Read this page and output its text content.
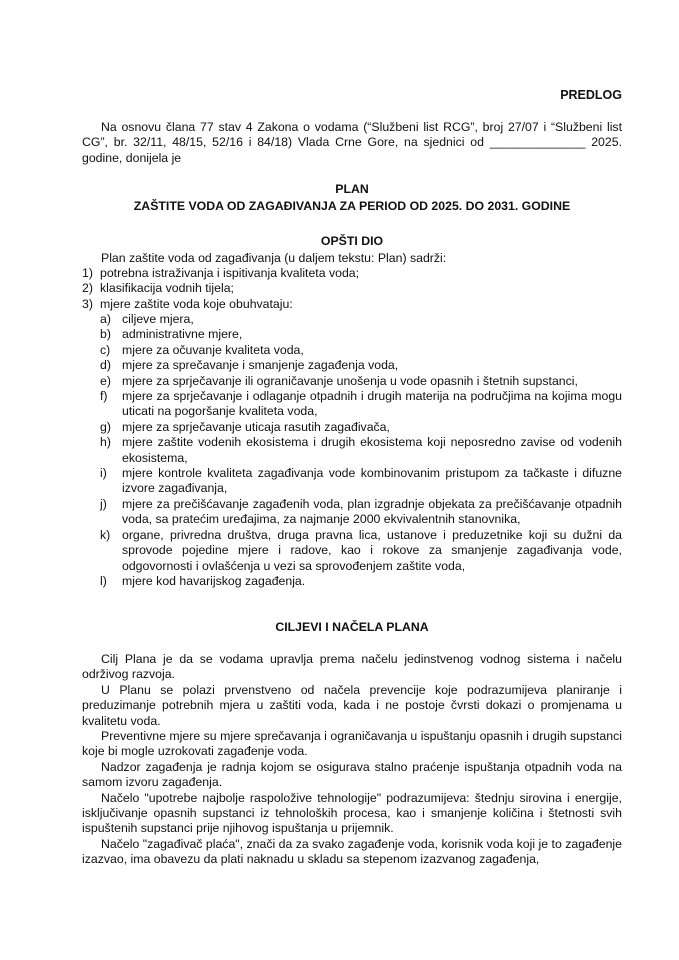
PREDLOG

Na osnovu člana 77 stav 4 Zakona o vodama (“Službeni list RCG”, broj 27/07 i “Službeni list CG”, br. 32/11, 48/15, 52/16 i 84/18) Vlada Crne Gore, na sjednici od ______________ 2025. godine, donijela je

PLAN
ZAŠTITE VODA OD ZAGAĐIVANJA ZA PERIOD OD 2025. DO 2031. GODINE
OPŠTI DIO
Plan zaštite voda od zagađivanja (u daljem tekstu: Plan) sadrži:
1) potrebna istraživanja i ispitivanja kvaliteta voda;
2) klasifikacija vodnih tijela;
3) mjere zaštite voda koje obuhvataju:
a) ciljeve mjera,
b) administrativne mjere,
c) mjere za očuvanje kvaliteta voda,
d) mjere za sprečavanje i smanjenje zagađenja voda,
e) mjere za sprječavanje ili ograničavanje unošenja u vode opasnih i štetnih supstanci,
f) mjere za sprječavanje i odlaganje otpadnih i drugih materija na područjima na kojima mogu uticati na pogoršanje kvaliteta voda,
g) mjere za sprječavanje uticaja rasutih zagađivača,
h) mjere zaštite vodenih ekosistema i drugih ekosistema koji neposredno zavise od vodenih ekosistema,
i) mjere kontrole kvaliteta zagađivanja vode kombinovanim pristupom za tačkaste i difuzne izvore zagađivanja,
j) mjere za prečišćavanje zagađenih voda, plan izgradnje objekata za prečišćavanje otpadnih voda, sa pratećim uređajima, za najmanje 2000 ekvivalentnih stanovnika,
k) organe, privredna društva, druga pravna lica, ustanove i preduzetnike koji su dužni da sprovode pojedine mjere i radove, kao i rokove za smanjenje zagađivanja vode, odgovornosti i ovlašćenja u vezi sa sprovođenjem zaštite voda,
l) mjere kod havarijskog zagađenja.
CILJEVI I NAČELA PLANA

Cilj Plana je da se vodama upravlja prema načelu jedinstvenog vodnog sistema i načelu održivog razvoja.

U Planu se polazi prvenstveno od načela prevencije koje podrazumijeva planiranje i preduzimanje potrebnih mjera u zaštiti voda, kada i ne postoje čvrsti dokazi o promjenama u kvalitetu voda.

Preventivne mjere su mjere sprečavanja i ograničavanja u ispuštanju opasnih i drugih supstanci koje bi mogle uzrokovati zagađenje voda.

Nadzor zagađenja je radnja kojom se osigurava stalno praćenje ispuštanja otpadnih voda na samom izvoru zagađenja.

Načelo "upotrebe najbolje raspoložive tehnologije" podrazumijeva: štednju sirovina i energije, isključivanje opasnih supstanci iz tehnoloških procesa, kao i smanjenje količina i štetnosti svih ispuštenih supstanci prije njihovog ispuštanja u prijemnik.

Načelo "zagađivač plaća", znači da za svako zagađenje voda, korisnik voda koji je to zagađenje izazvao, ima obavezu da plati naknadu u skladu sa stepenom izazvanog zagađenja,
